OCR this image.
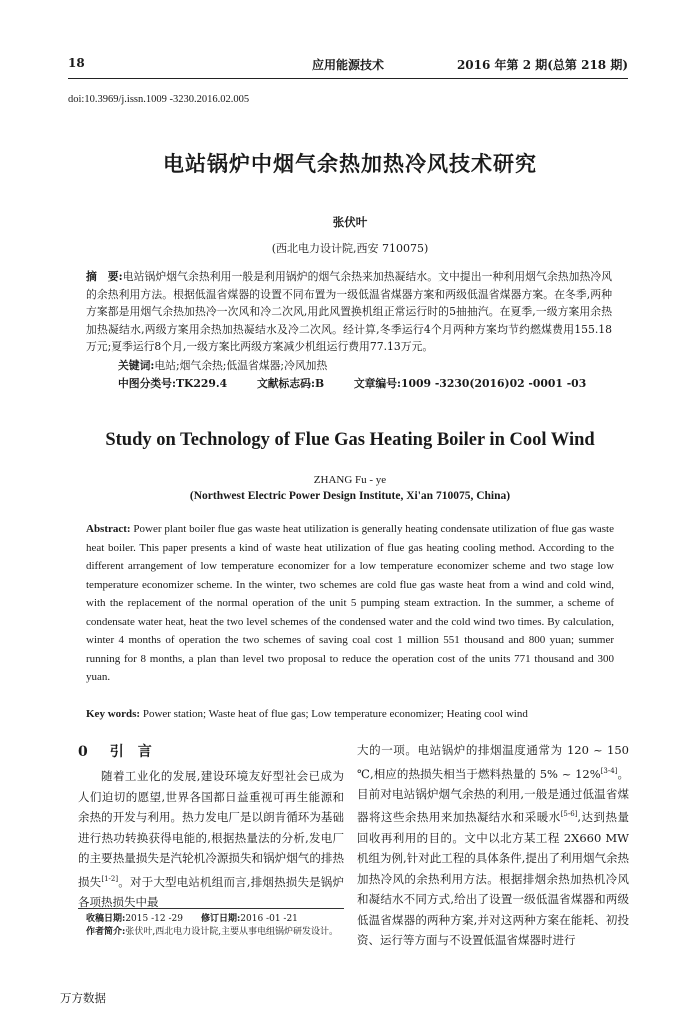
18	应用能源技术	2016 年第 2 期(总第 218 期)
doi:10.3969/j.issn.1009 -3230.2016.02.005
电站锅炉中烟气余热加热冷风技术研究
张伏叶
(西北电力设计院,西安 710075)
摘　要:电站锅炉烟气余热利用一般是利用锅炉的烟气余热来加热凝结水。文中提出一种利用烟气余热加热冷风的余热利用方法。根据低温省煤器的设置不同布置为一级低温省煤器方案和两级低温省煤器方案。在冬季,两种方案都是用烟气余热加热冷一次风和冷二次风,用此风置换机组正常运行时的5抽抽汽。在夏季,一级方案用余热加热凝结水,两级方案用余热加热凝结水及冷二次风。经计算,冬季运行4个月两种方案均节约燃煤费用155.18万元;夏季运行8个月,一级方案比两级方案减少机组运行费用77.13万元。
关键词:电站;烟气余热;低温省煤器;冷风加热
中图分类号:TK229.4	文献标志码:B	文章编号:1009 -3230(2016)02 -0001 -03
Study on Technology of Flue Gas Heating Boiler in Cool Wind
ZHANG Fu - ye
(Northwest Electric Power Design Institute, Xi'an 710075, China)
Abstract: Power plant boiler flue gas waste heat utilization is generally heating condensate utilization of flue gas waste heat boiler. This paper presents a kind of waste heat utilization of flue gas heating cooling method. According to the different arrangement of low temperature economizer for a low temperature economizer scheme and two stage low temperature economizer scheme. In the winter, two schemes are cold flue gas waste heat from a wind and cold wind, with the replacement of the normal operation of the unit 5 pumping steam extraction. In the summer, a scheme of condensate water heat, heat the two level schemes of the condensed water and the cold wind two times. By calculation, winter 4 months of operation the two schemes of saving coal cost 1 million 551 thousand and 800 yuan; summer running for 8 months, a plan than level two proposal to reduce the operation cost of the units 771 thousand and 300 yuan.
Key words: Power station; Waste heat of flue gas; Low temperature economizer; Heating cool wind
0 引言
随着工业化的发展,建设环境友好型社会已成为人们迫切的愿望,世界各国都日益重视可再生能源和余热的开发与利用。热力发电厂是以朗肯循环为基础进行热功转换获得电能的,根据热量法的分析,发电厂的主要热量损失是汽轮机冷源损失和锅炉烟气的排热损失[1-2]。对于大型电站机组而言,排烟热损失是锅炉各项热损失中最
大的一项。电站锅炉的排烟温度通常为 120 ~ 150 ℃,相应的热损失相当于燃料热量的 5% ~ 12%[3-4]。目前对电站锅炉烟气余热的利用,一般是通过低温省煤器将这些余热用来加热凝结水和采暖水[5-6],达到热量回收再利用的目的。文中以北方某工程 2X660 MW 机组为例,针对此工程的具体条件,提出了利用烟气余热加热冷风的余热利用方法。根据排烟余热加热机冷风和凝结水不同方式,给出了设置一级低温省煤器和两级低温省煤器的两种方案,并对这两种方案在能耗、初投资、运行等方面与不设置低温省煤器时进行
收稿日期:2015 -12 -29 修订日期:2016 -01 -21
作者简介:张伏叶,西北电力设计院,主要从事电组锅炉研发设计。
万方数据
